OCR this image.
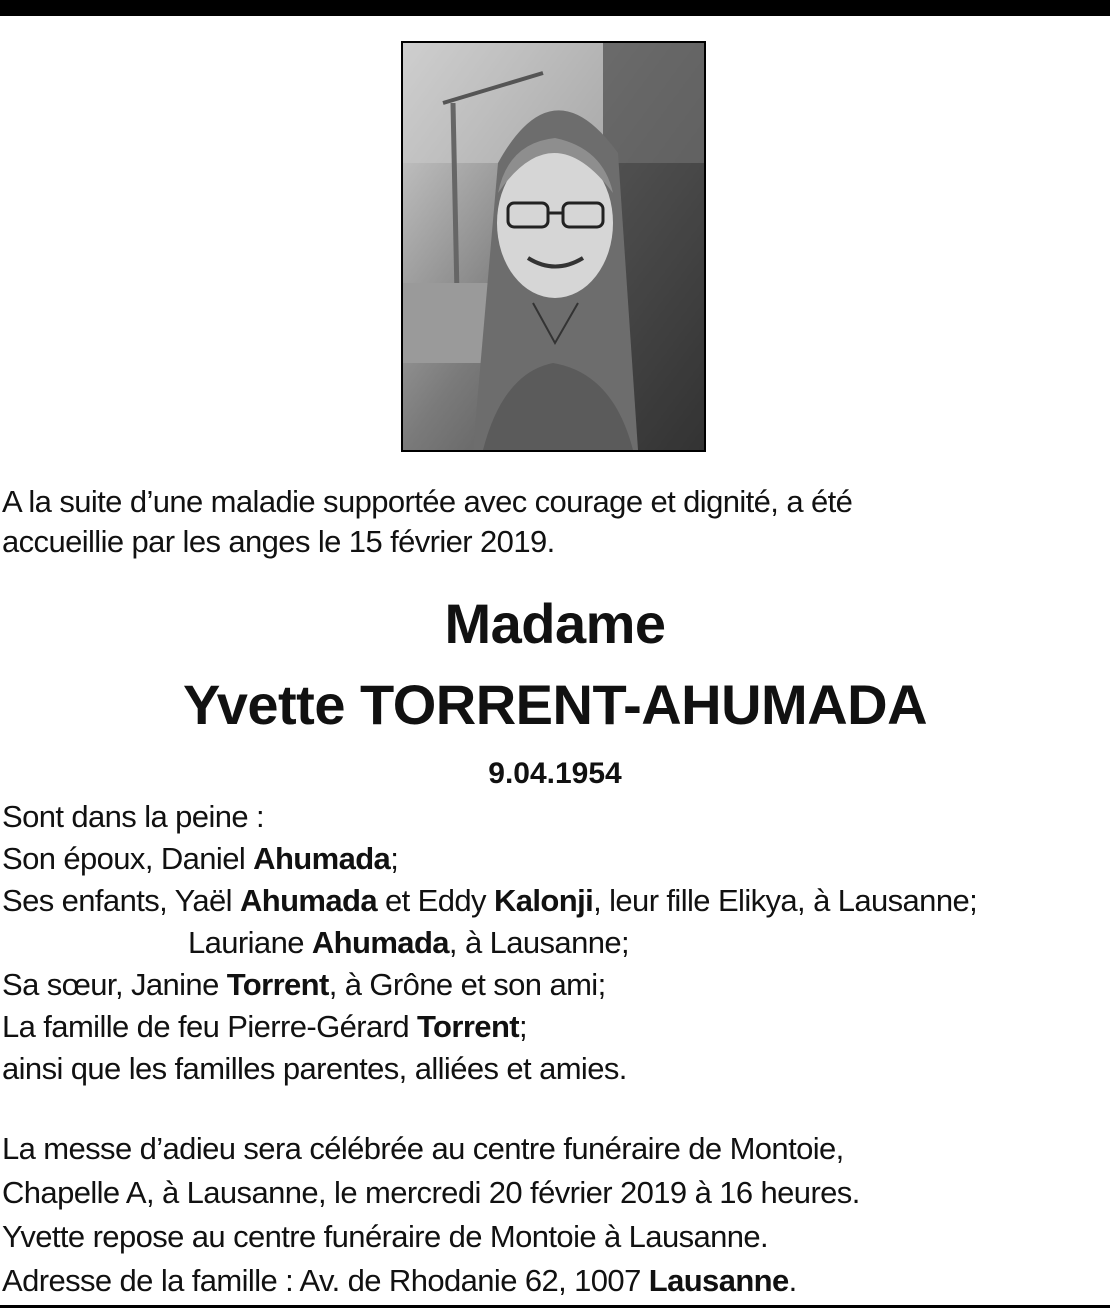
A la suite d’une maladie supportée avec courage et dignité, a été
accueillie par les anges le 15 février 2019.
Madame
Yvette TORRENT-AHUMADA
9.04.1954
Sont dans la peine :
Son époux, Daniel Ahumada;
Ses enfants, Yaël Ahumada et Eddy Kalonji, leur fille Elikya, à Lausanne;
Lauriane Ahumada, à Lausanne;
Sa sœur, Janine Torrent, à Grône et son ami;
La famille de feu Pierre-Gérard Torrent;
ainsi que les familles parentes, alliées et amies.
La messe d’adieu sera célébrée au centre funéraire de Montoie,
Chapelle A, à Lausanne, le mercredi 20 février 2019 à 16 heures.
Yvette repose au centre funéraire de Montoie à Lausanne.
Adresse de la famille : Av. de Rhodanie 62, 1007 Lausanne.
